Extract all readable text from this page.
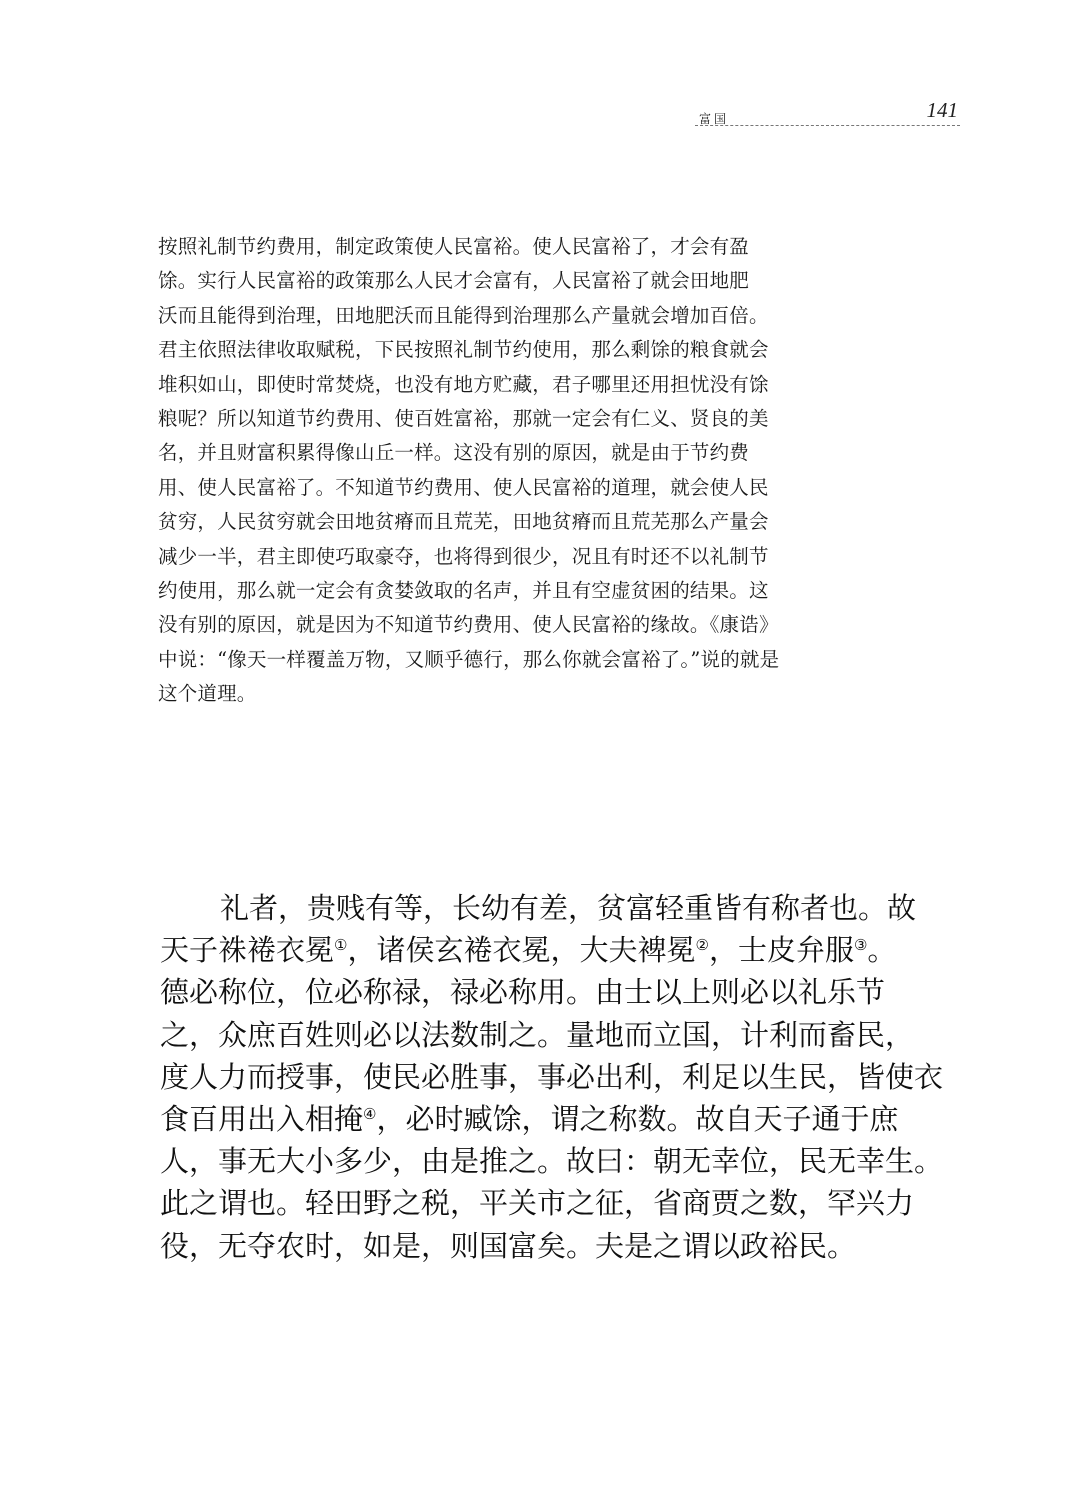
富国	141
按照礼制节约费用，制定政策使人民富裕。使人民富裕了，才会有盈
馀。实行人民富裕的政策那么人民才会富有，人民富裕了就会田地肥
沃而且能得到治理，田地肥沃而且能得到治理那么产量就会增加百倍。
君主依照法律收取赋税，下民按照礼制节约使用，那么剩馀的粮食就会
堆积如山，即使时常焚烧，也没有地方贮藏，君子哪里还用担忧没有馀
粮呢？所以知道节约费用、使百姓富裕，那就一定会有仁义、贤良的美
名，并且财富积累得像山丘一样。这没有别的原因，就是由于节约费
用、使人民富裕了。不知道节约费用、使人民富裕的道理，就会使人民
贫穷，人民贫穷就会田地贫瘠而且荒芜，田地贫瘠而且荒芜那么产量会
减少一半，君主即使巧取豪夺，也将得到很少，况且有时还不以礼制节
约使用，那么就一定会有贪婪敛取的名声，并且有空虚贫困的结果。这
没有别的原因，就是因为不知道节约费用、使人民富裕的缘故。《康诰》
中说：“像天一样覆盖万物，又顺乎德行，那么你就会富裕了。”说的就是
这个道理。
礼者，贵贱有等，长幼有差，贫富轻重皆有称者也。故
天子袾裷衣冕①，诸侯玄裷衣冕，大夫裨冕②，士皮弁服③。
德必称位，位必称禄，禄必称用。由士以上则必以礼乐节
之，众庶百姓则必以法数制之。量地而立国，计利而畜民，
度人力而授事，使民必胜事，事必出利，利足以生民，皆使衣
食百用出入相掩④，必时臧馀，谓之称数。故自天子通于庶
人，事无大小多少，由是推之。故曰：朝无幸位，民无幸生。
此之谓也。轻田野之税，平关市之征，省商贾之数，罕兴力
役，无夺农时，如是，则国富矣。夫是之谓以政裕民。
